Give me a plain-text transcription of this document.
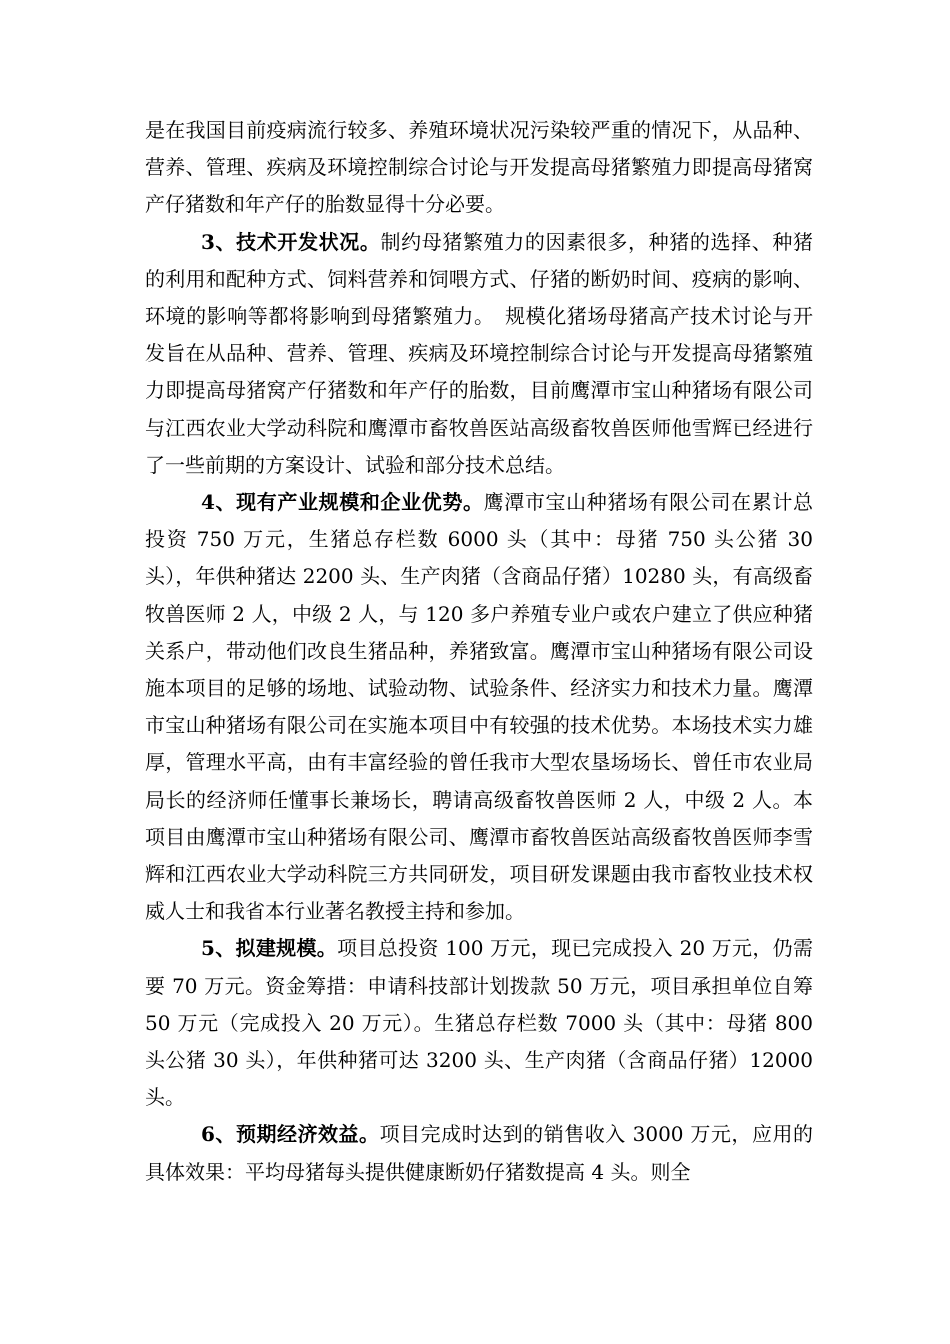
是在我国目前疫病流行较多、养殖环境状况污染较严重的情况下，从品种、营养、管理、疾病及环境控制综合讨论与开发提高母猪繁殖力即提高母猪窝产仔猪数和年产仔的胎数显得十分必要。

3、技术开发状况。制约母猪繁殖力的因素很多，种猪的选择、种猪的利用和配种方式、饲料营养和饲喂方式、仔猪的断奶时间、疫病的影响、环境的影响等都将影响到母猪繁殖力。　规模化猪场母猪高产技术讨论与开发旨在从品种、营养、管理、疾病及环境控制综合讨论与开发提高母猪繁殖力即提高母猪窝产仔猪数和年产仔的胎数，目前鹰潭市宝山种猪场有限公司与江西农业大学动科院和鹰潭市畜牧兽医站高级畜牧兽医师他雪辉已经进行了一些前期的方案设计、试验和部分技术总结。

4、现有产业规模和企业优势。鹰潭市宝山种猪场有限公司在累计总投资 750 万元，生猪总存栏数 6000 头（其中：母猪 750 头公猪 30 头），年供种猪达 2200 头、生产肉猪（含商品仔猪）10280 头，有高级畜牧兽医师 2 人，中级 2 人，与 120 多户养殖专业户或农户建立了供应种猪关系户，带动他们改良生猪品种，养猪致富。鹰潭市宝山种猪场有限公司设施本项目的足够的场地、试验动物、试验条件、经济实力和技术力量。鹰潭市宝山种猪场有限公司在实施本项目中有较强的技术优势。本场技术实力雄厚，管理水平高，由有丰富经验的曾任我市大型农垦场场长、曾任市农业局局长的经济师任懂事长兼场长，聘请高级畜牧兽医师 2 人，中级 2 人。本项目由鹰潭市宝山种猪场有限公司、鹰潭市畜牧兽医站高级畜牧兽医师李雪辉和江西农业大学动科院三方共同研发，项目研发课题由我市畜牧业技术权威人士和我省本行业著名教授主持和参加。

5、拟建规模。项目总投资 100 万元，现已完成投入 20 万元，仍需要 70 万元。资金筹措：申请科技部计划拨款 50 万元，项目承担单位自筹 50 万元（完成投入 20 万元）。生猪总存栏数 7000 头（其中：母猪 800 头公猪 30 头），年供种猪可达 3200 头、生产肉猪（含商品仔猪）12000 头。

6、预期经济效益。项目完成时达到的销售收入 3000 万元，应用的具体效果：平均母猪每头提供健康断奶仔猪数提高 4 头。则全
